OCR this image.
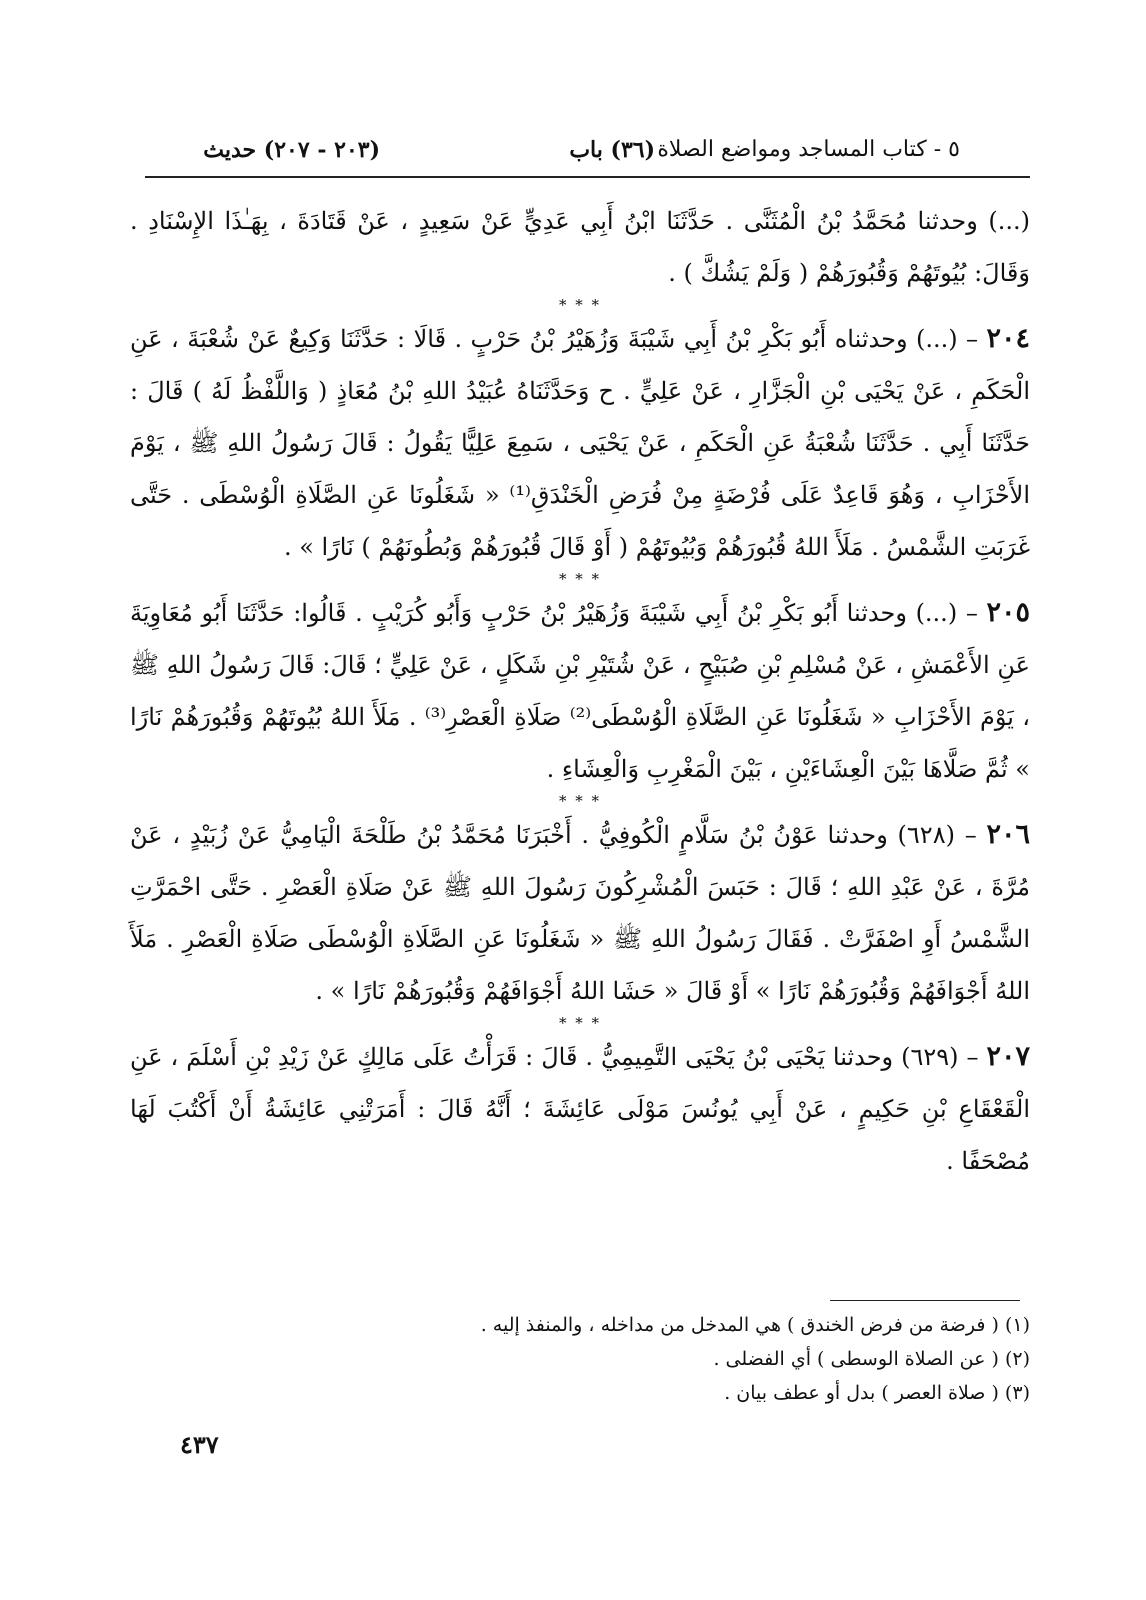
٥ - كتاب المساجد ومواضع الصلاة
(٣٦) باب
(٢٠٣ - ٢٠٧) حديث

(...) وحدثنا مُحَمَّدُ بْنُ الْمُثَنَّى . حَدَّثَنَا ابْنُ أَبِي عَدِيٍّ عَنْ سَعِيدٍ ، عَنْ قَتَادَةَ ، بِهَـٰذَا الإِسْنَادِ . وَقَالَ: بُيُوتَهُمْ وَقُبُورَهُمْ ( وَلَمْ يَشُكَّ ) .

* * *

٢٠٤ – (...) وحدثناه أَبُو بَكْرِ بْنُ أَبِي شَيْبَةَ وَزُهَيْرُ بْنُ حَرْبٍ . قَالَا : حَدَّثَنَا وَكِيعٌ عَنْ شُعْبَةَ ، عَنِ الْحَكَمِ ، عَنْ يَحْيَى بْنِ الْجَزَّارِ ، عَنْ عَلِيٍّ . ح وَحَدَّثَنَاهُ عُبَيْدُ اللهِ بْنُ مُعَاذٍ ( وَاللَّفْظُ لَهُ ) قَالَ : حَدَّثَنَا أَبِي . حَدَّثَنَا شُعْبَةُ عَنِ الْحَكَمِ ، عَنْ يَحْيَى ، سَمِعَ عَلِيًّا يَقُولُ : قَالَ رَسُولُ اللهِ ﷺ ، يَوْمَ الأَحْزَابِ ، وَهُوَ قَاعِدٌ عَلَى فُرْضَةٍ مِنْ فُرَضِ الْخَنْدَقِ⁽¹⁾ « شَغَلُونَا عَنِ الصَّلَاةِ الْوُسْطَى . حَتَّى غَرَبَتِ الشَّمْسُ . مَلَأَ اللهُ قُبُورَهُمْ وَبُيُوتَهُمْ ( أَوْ قَالَ قُبُورَهُمْ وَبُطُونَهُمْ ) نَارًا » .

* * *

٢٠٥ – (...) وحدثنا أَبُو بَكْرِ بْنُ أَبِي شَيْبَةَ وَزُهَيْرُ بْنُ حَرْبٍ وَأَبُو كُرَيْبٍ . قَالُوا: حَدَّثَنَا أَبُو مُعَاوِيَةَ عَنِ الأَعْمَشِ ، عَنْ مُسْلِمِ بْنِ صُبَيْحٍ ، عَنْ شُتَيْرِ بْنِ شَكَلٍ ، عَنْ عَلِيٍّ ؛ قَالَ: قَالَ رَسُولُ اللهِ ﷺ ، يَوْمَ الأَحْزَابِ « شَغَلُونَا عَنِ الصَّلَاةِ الْوُسْطَى⁽²⁾ صَلَاةِ الْعَصْرِ⁽³⁾ . مَلَأَ اللهُ بُيُوتَهُمْ وَقُبُورَهُمْ نَارًا » ثُمَّ صَلَّاهَا بَيْنَ الْعِشَاءَيْنِ ، بَيْنَ الْمَغْرِبِ وَالْعِشَاءِ .

* * *

٢٠٦ – (٦٢٨) وحدثنا عَوْنُ بْنُ سَلَّامٍ الْكُوفِيُّ . أَخْبَرَنَا مُحَمَّدُ بْنُ طَلْحَةَ الْيَامِيُّ عَنْ زُبَيْدٍ ، عَنْ مُرَّةَ ، عَنْ عَبْدِ اللهِ ؛ قَالَ : حَبَسَ الْمُشْرِكُونَ رَسُولَ اللهِ ﷺ عَنْ صَلَاةِ الْعَصْرِ . حَتَّى احْمَرَّتِ الشَّمْسُ أَوِ اصْفَرَّتْ . فَقَالَ رَسُولُ اللهِ ﷺ « شَغَلُونَا عَنِ الصَّلَاةِ الْوُسْطَى صَلَاةِ الْعَصْرِ . مَلَأَ اللهُ أَجْوَافَهُمْ وَقُبُورَهُمْ نَارًا » أَوْ قَالَ « حَشَا اللهُ أَجْوَافَهُمْ وَقُبُورَهُمْ نَارًا » .

* * *

٢٠٧ – (٦٢٩) وحدثنا يَحْيَى بْنُ يَحْيَى التَّمِيمِيُّ . قَالَ : قَرَأْتُ عَلَى مَالِكٍ عَنْ زَيْدِ بْنِ أَسْلَمَ ، عَنِ الْقَعْقَاعِ بْنِ حَكِيمٍ ، عَنْ أَبِي يُونُسَ مَوْلَى عَائِشَةَ ؛ أَنَّهُ قَالَ : أَمَرَتْنِي عَائِشَةُ أَنْ أَكْتُبَ لَهَا مُصْحَفًا .

(١) ( فرضة من فرض الخندق ) هي المدخل من مداخله ، والمنفذ إليه .

(٢) ( عن الصلاة الوسطى ) أي الفضلى .

(٣) ( صلاة العصر ) بدل أو عطف بيان .

٤٣٧
